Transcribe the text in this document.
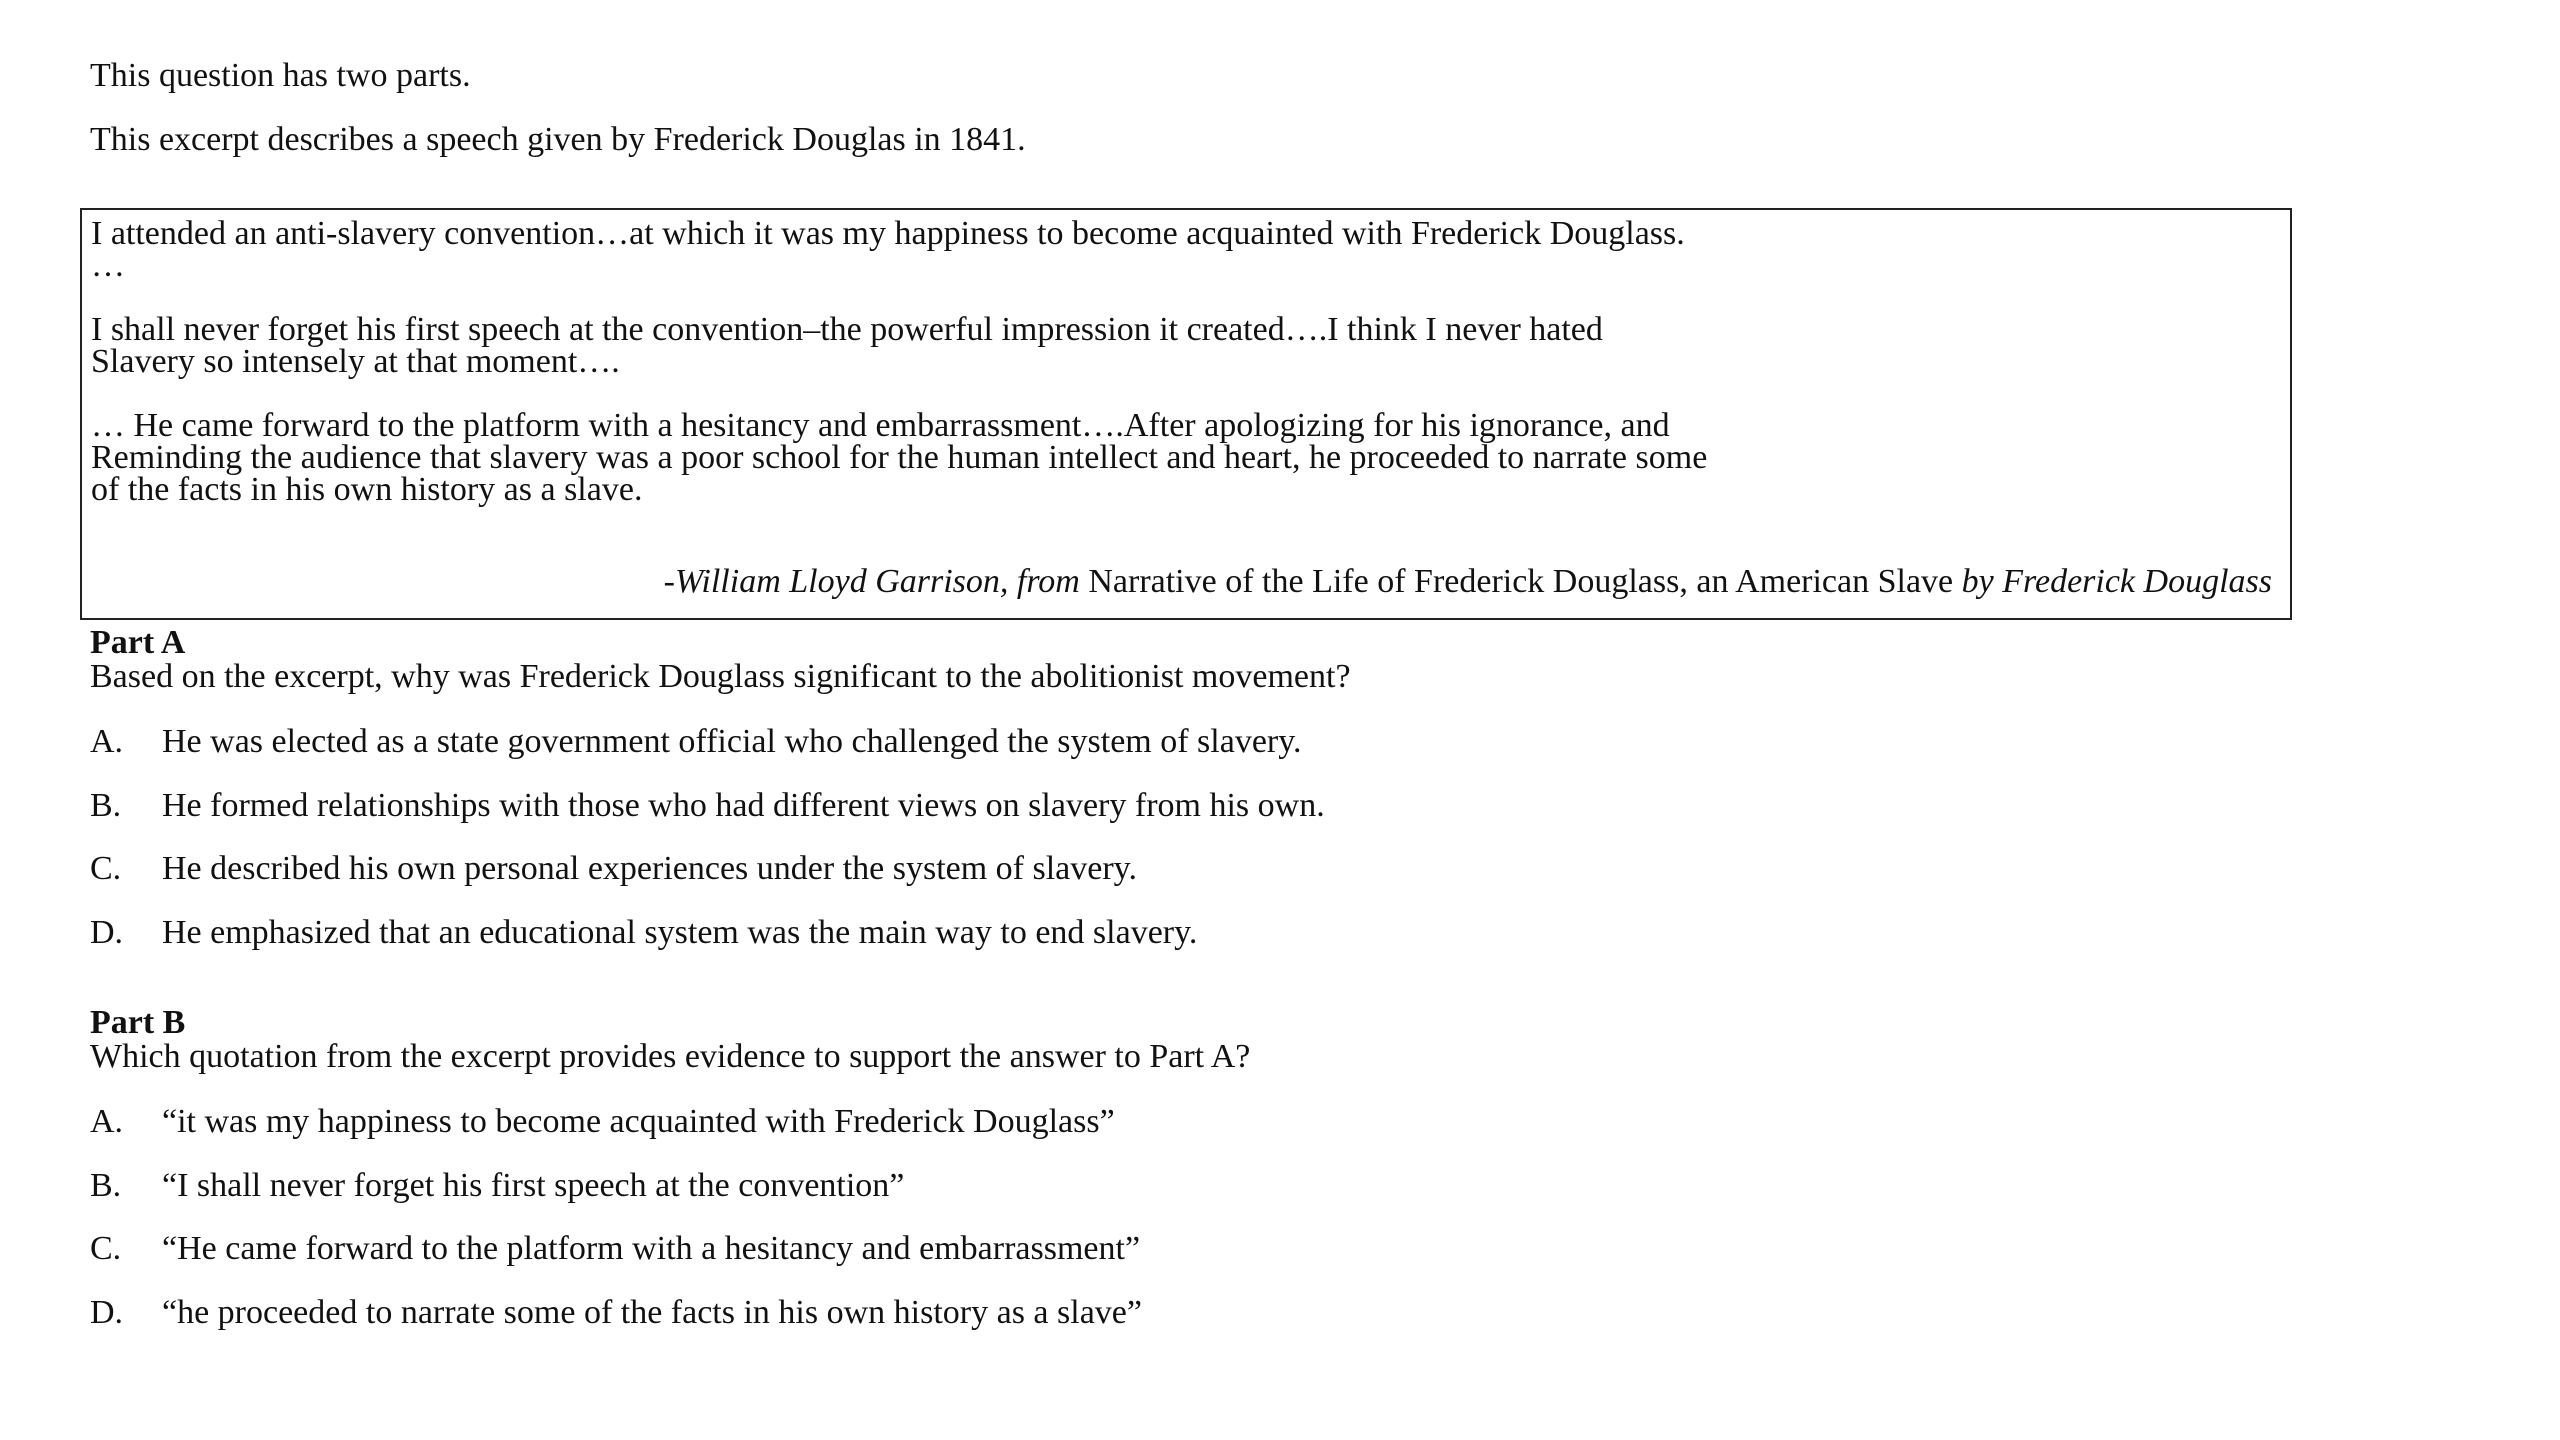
This question has two parts.

This excerpt describes a speech given by Frederick Douglas in 1841.

I attended an anti-slavery convention…at which it was my happiness to become acquainted with Frederick Douglass.
…

I shall never forget his first speech at the convention–the powerful impression it created….I think I never hated
Slavery so intensely at that moment….

… He came forward to the platform with a hesitancy and embarrassment….After apologizing for his ignorance, and
Reminding the audience that slavery was a poor school for the human intellect and heart, he proceeded to narrate some
of the facts in his own history as a slave.

-William Lloyd Garrison, from Narrative of the Life of Frederick Douglass, an American Slave by Frederick Douglass

Part A

Based on the excerpt, why was Frederick Douglass significant to the abolitionist movement?

A. He was elected as a state government official who challenged the system of slavery.

B. He formed relationships with those who had different views on slavery from his own.

C. He described his own personal experiences under the system of slavery.

D. He emphasized that an educational system was the main way to end slavery.

Part B

Which quotation from the excerpt provides evidence to support the answer to Part A?

A. “it was my happiness to become acquainted with Frederick Douglass”

B. “I shall never forget his first speech at the convention”

C. “He came forward to the platform with a hesitancy and embarrassment”

D. “he proceeded to narrate some of the facts in his own history as a slave”
